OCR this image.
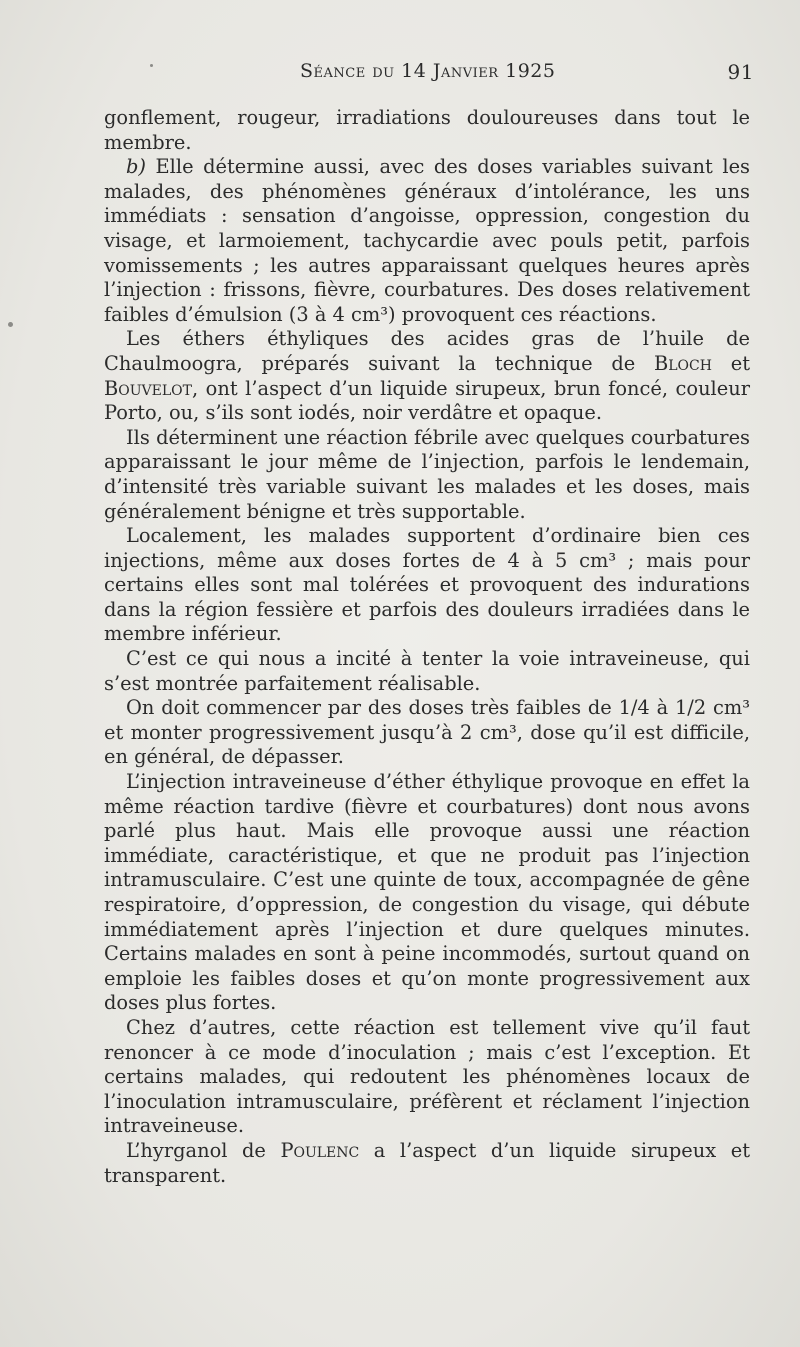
Séance du 14 Janvier 1925	91

gonflement, rougeur, irradiations douloureuses dans tout le membre.

b) Elle détermine aussi, avec des doses variables suivant les malades, des phénomènes généraux d’intolérance, les uns immédiats : sensation d’angoisse, oppression, congestion du visage, et larmoiement, tachycardie avec pouls petit, parfois vomissements ; les autres apparaissant quelques heures après l’injection : frissons, fièvre, courbatures. Des doses relativement faibles d’émulsion (3 à 4 cm³) provoquent ces réactions.

Les éthers éthyliques des acides gras de l’huile de Chaulmoogra, préparés suivant la technique de Bloch et Bouvelot, ont l’aspect d’un liquide sirupeux, brun foncé, couleur Porto, ou, s’ils sont iodés, noir verdâtre et opaque.

Ils déterminent une réaction fébrile avec quelques courbatures apparaissant le jour même de l’injection, parfois le lendemain, d’intensité très variable suivant les malades et les doses, mais généralement bénigne et très supportable.

Localement, les malades supportent d’ordinaire bien ces injections, même aux doses fortes de 4 à 5 cm³ ; mais pour certains elles sont mal tolérées et provoquent des indurations dans la région fessière et parfois des douleurs irradiées dans le membre inférieur.

C’est ce qui nous a incité à tenter la voie intraveineuse, qui s’est montrée parfaitement réalisable.

On doit commencer par des doses très faibles de 1/4 à 1/2 cm³ et monter progressivement jusqu’à 2 cm³, dose qu’il est difficile, en général, de dépasser.

L’injection intraveineuse d’éther éthylique provoque en effet la même réaction tardive (fièvre et courbatures) dont nous avons parlé plus haut. Mais elle provoque aussi une réaction immédiate, caractéristique, et que ne produit pas l’injection intramusculaire. C’est une quinte de toux, accompagnée de gêne respiratoire, d’oppression, de congestion du visage, qui débute immédiatement après l’injection et dure quelques minutes. Certains malades en sont à peine incommodés, surtout quand on emploie les faibles doses et qu’on monte progressivement aux doses plus fortes.

Chez d’autres, cette réaction est tellement vive qu’il faut renoncer à ce mode d’inoculation ; mais c’est l’exception. Et certains malades, qui redoutent les phénomènes locaux de l’inoculation intramusculaire, préfèrent et réclament l’injection intraveineuse.

L’hyrganol de Poulenc a l’aspect d’un liquide sirupeux et transparent.
